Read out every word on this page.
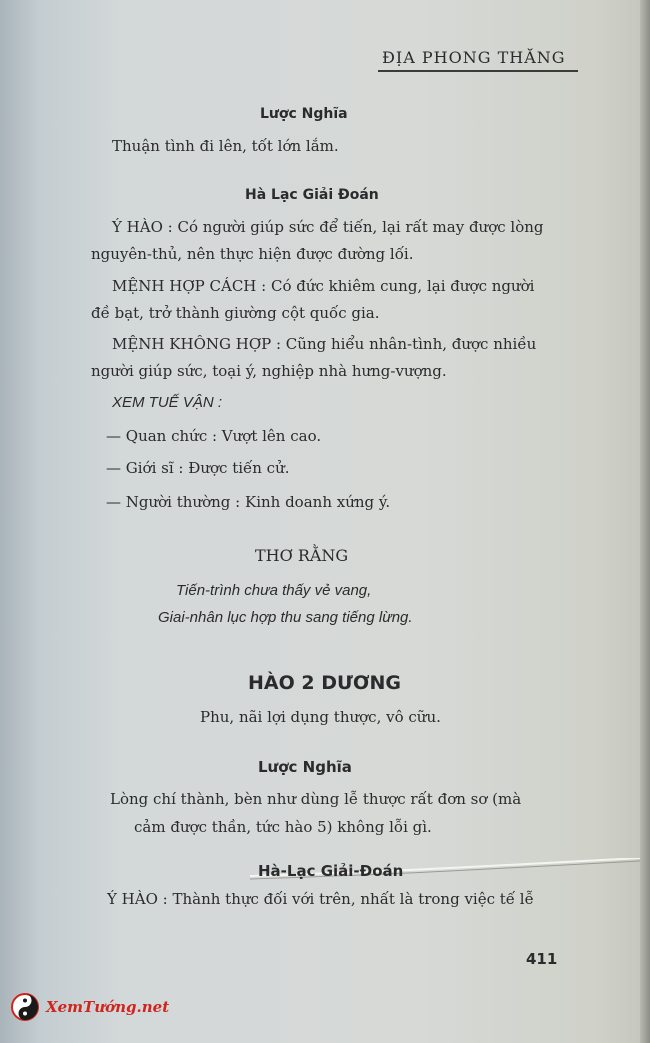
ĐỊA PHONG THĂNG
Lược Nghĩa
Thuận tình đi lên, tốt lớn lắm.
Hà Lạc Giải Đoán
Ý HÀO : Có người giúp sức để tiến, lại rất may được lòng
nguyên-thủ, nên thực hiện được đường lối.
MỆNH HỢP CÁCH : Có đức khiêm cung, lại được người
đề bạt, trở thành giường cột quốc gia.
MỆNH KHÔNG HỢP : Cũng hiểu nhân-tình, được nhiều
người giúp sức, toại ý, nghiệp nhà hưng-vượng.
XEM TUẾ VẬN :
— Quan chức : Vượt lên cao.
— Giới sĩ : Được tiến cử.
— Người thường : Kinh doanh xứng ý.
THƠ RẰNG
Tiến-trình chưa thấy vẻ vang,
Giai-nhân lục hợp thu sang tiếng lừng.
HÀO 2 DƯƠNG
Phu, nãi lợi dụng thược, vô cữu.
Lược Nghĩa
Lòng chí thành, bèn như dùng lễ thược rất đơn sơ (mà
cảm được thần, tức hào 5) không lỗi gì.
Hà-Lạc Giải-Đoán
Ý HÀO : Thành thực đối với trên, nhất là trong việc tế lễ
411
XemTướng.net
